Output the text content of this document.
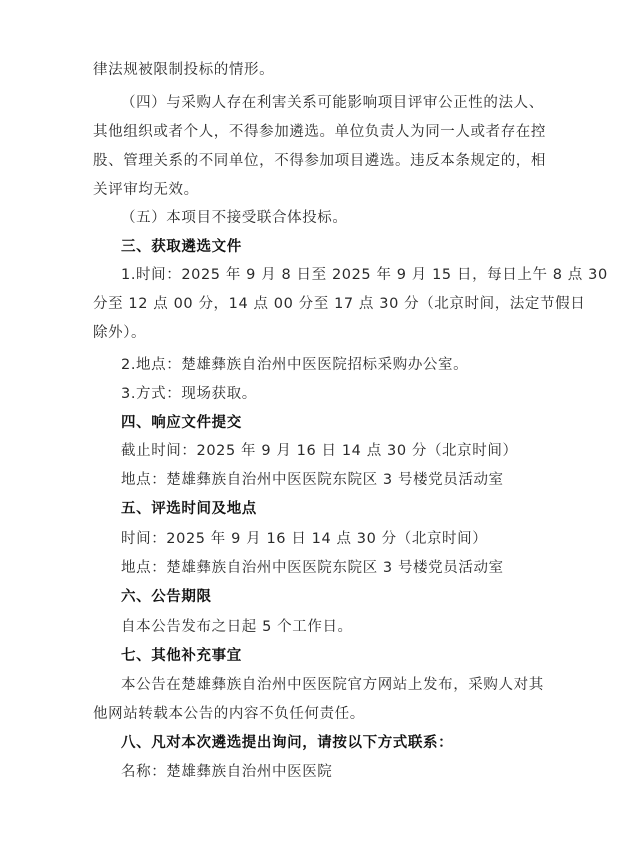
律法规被限制投标的情形。
（四）与采购人存在利害关系可能影响项目评审公正性的法人、
其他组织或者个人，不得参加遴选。单位负责人为同一人或者存在控
股、管理关系的不同单位，不得参加项目遴选。违反本条规定的，相
关评审均无效。
（五）本项目不接受联合体投标。
三、获取遴选文件
1.时间：2025 年 9 月 8 日至 2025 年 9 月 15 日，每日上午 8 点 30
分至 12 点 00 分，14 点 00 分至 17 点 30 分（北京时间，法定节假日
除外）。
2.地点：楚雄彝族自治州中医医院招标采购办公室。
3.方式：现场获取。
四、响应文件提交
截止时间：2025 年 9 月 16 日 14 点 30 分（北京时间）
地点：楚雄彝族自治州中医医院东院区 3 号楼党员活动室
五、评选时间及地点
时间：2025 年 9 月 16 日 14 点 30 分（北京时间）
地点：楚雄彝族自治州中医医院东院区 3 号楼党员活动室
六、公告期限
自本公告发布之日起 5 个工作日。
七、其他补充事宜
本公告在楚雄彝族自治州中医医院官方网站上发布，采购人对其
他网站转载本公告的内容不负任何责任。
八、凡对本次遴选提出询问，请按以下方式联系：
名称：楚雄彝族自治州中医医院
